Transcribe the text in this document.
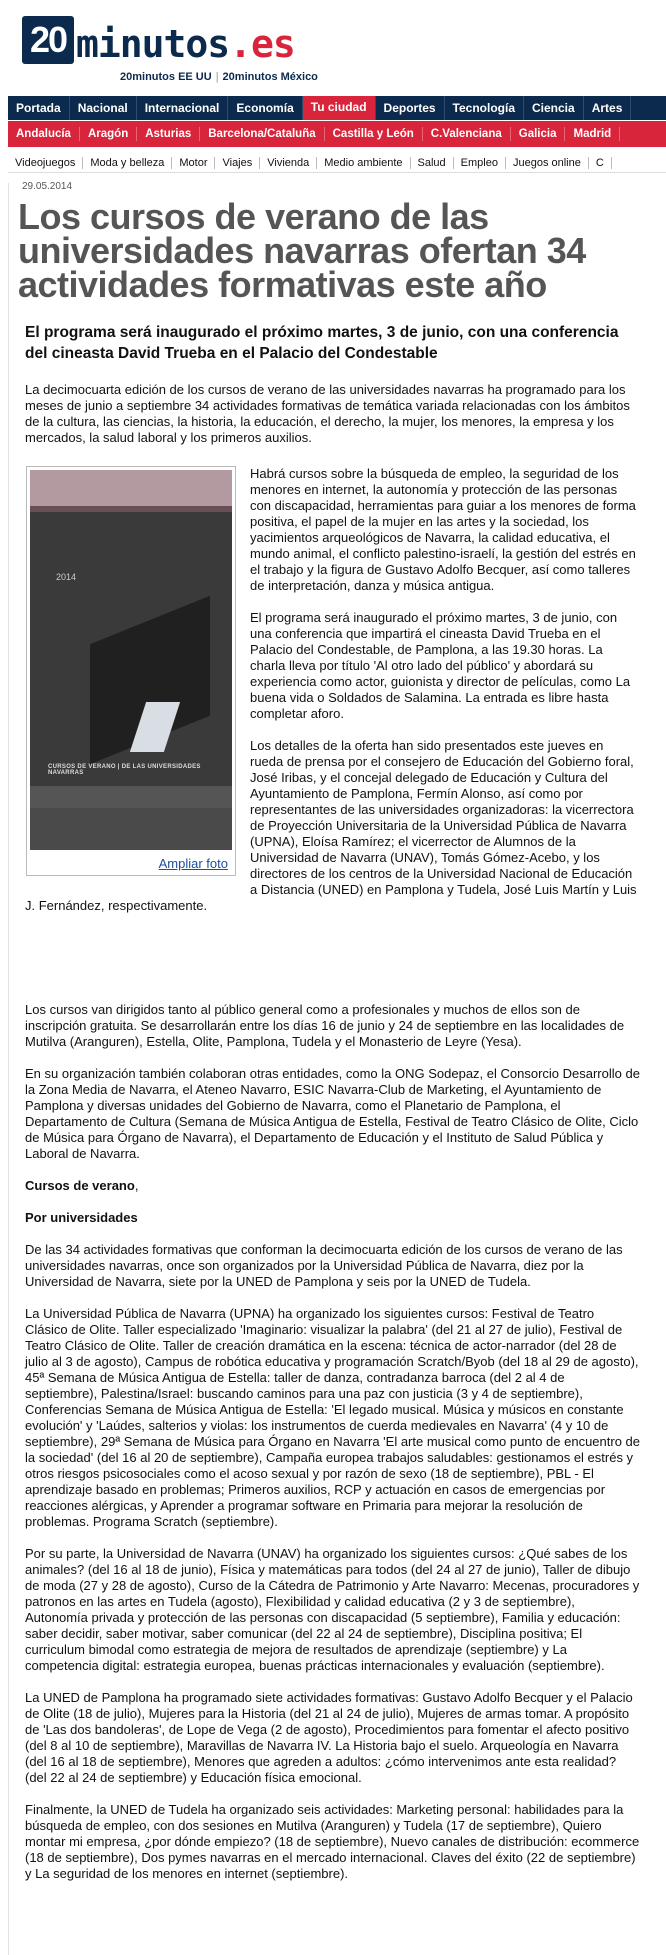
20 minutos .es
20minutos EE UU | 20minutos México
Portada	Nacional	Internacional	Economía	Tu ciudad	Deportes	Tecnología	Ciencia	Artes
Andalucía	Aragón	Asturias	Barcelona/Cataluña	Castilla y León	C.Valenciana	Galicia	Madrid
Videojuegos	Moda y belleza	Motor	Viajes	Vivienda	Medio ambiente	Salud	Empleo	Juegos online	C
29.05.2014
Los cursos de verano de las universidades navarras ofertan 34 actividades formativas este año
El programa será inaugurado el próximo martes, 3 de junio, con una conferencia del cineasta David Trueba en el Palacio del Condestable

La decimocuarta edición de los cursos de verano de las universidades navarras ha programado para los meses de junio a septiembre 34 actividades formativas de temática variada relacionadas con los ámbitos de la cultura, las ciencias, la historia, la educación, el derecho, la mujer, los menores, la empresa y los mercados, la salud laboral y los primeros auxilios.

Habrá cursos sobre la búsqueda de empleo, la seguridad de los menores en internet, la autonomía y protección de las personas con discapacidad, herramientas para guiar a los menores de forma positiva, el papel de la mujer en las artes y la sociedad, los yacimientos arqueológicos de Navarra, la calidad educativa, el mundo animal, el conflicto palestino-israelí, la gestión del estrés en el trabajo y la figura de Gustavo Adolfo Becquer, así como talleres de interpretación, danza y música antigua.

El programa será inaugurado el próximo martes, 3 de junio, con una conferencia que impartirá el cineasta David Trueba en el Palacio del Condestable, de Pamplona, a las 19.30 horas. La charla lleva por título 'Al otro lado del público' y abordará su experiencia como actor, guionista y director de películas, como La buena vida o Soldados de Salamina. La entrada es libre hasta completar aforo.

Los detalles de la oferta han sido presentados este jueves en rueda de prensa por el consejero de Educación del Gobierno foral, José Iribas, y el concejal delegado de Educación y Cultura del Ayuntamiento de Pamplona, Fermín Alonso, así como por representantes de las universidades organizadoras: la vicerrectora de Proyección Universitaria de la Universidad Pública de Navarra (UPNA), Eloísa Ramírez; el vicerrector de Alumnos de la Universidad de Navarra (UNAV), Tomás Gómez-Acebo, y los directores de los centros de la Universidad Nacional de Educación a Distancia (UNED) en Pamplona y Tudela, José Luis Martín y Luis J. Fernández, respectivamente.

2014
CURSOS DE VERANO | DE LAS UNIVERSIDADES NAVARRAS
Ampliar foto

Los cursos van dirigidos tanto al público general como a profesionales y muchos de ellos son de inscripción gratuita. Se desarrollarán entre los días 16 de junio y 24 de septiembre en las localidades de Mutilva (Aranguren), Estella, Olite, Pamplona, Tudela y el Monasterio de Leyre (Yesa).

En su organización también colaboran otras entidades, como la ONG Sodepaz, el Consorcio Desarrollo de la Zona Media de Navarra, el Ateneo Navarro, ESIC Navarra-Club de Marketing, el Ayuntamiento de Pamplona y diversas unidades del Gobierno de Navarra, como el Planetario de Pamplona, el Departamento de Cultura (Semana de Música Antigua de Estella, Festival de Teatro Clásico de Olite, Ciclo de Música para Órgano de Navarra), el Departamento de Educación y el Instituto de Salud Pública y Laboral de Navarra.

Cursos de verano,

Por universidades

De las 34 actividades formativas que conforman la decimocuarta edición de los cursos de verano de las universidades navarras, once son organizados por la Universidad Pública de Navarra, diez por la Universidad de Navarra, siete por la UNED de Pamplona y seis por la UNED de Tudela.

La Universidad Pública de Navarra (UPNA) ha organizado los siguientes cursos: Festival de Teatro Clásico de Olite. Taller especializado 'Imaginario: visualizar la palabra' (del 21 al 27 de julio), Festival de Teatro Clásico de Olite. Taller de creación dramática en la escena: técnica de actor-narrador (del 28 de julio al 3 de agosto), Campus de robótica educativa y programación Scratch/Byob (del 18 al 29 de agosto), 45ª Semana de Música Antigua de Estella: taller de danza, contradanza barroca (del 2 al 4 de septiembre), Palestina/Israel: buscando caminos para una paz con justicia (3 y 4 de septiembre), Conferencias Semana de Música Antigua de Estella: 'El legado musical. Música y músicos en constante evolución' y 'Laúdes, salterios y violas: los instrumentos de cuerda medievales en Navarra' (4 y 10 de septiembre), 29ª Semana de Música para Órgano en Navarra 'El arte musical como punto de encuentro de la sociedad' (del 16 al 20 de septiembre), Campaña europea trabajos saludables: gestionamos el estrés y otros riesgos psicosociales como el acoso sexual y por razón de sexo (18 de septiembre), PBL - El aprendizaje basado en problemas; Primeros auxilios, RCP y actuación en casos de emergencias por reacciones alérgicas, y Aprender a programar software en Primaria para mejorar la resolución de problemas. Programa Scratch (septiembre).

Por su parte, la Universidad de Navarra (UNAV) ha organizado los siguientes cursos: ¿Qué sabes de los animales? (del 16 al 18 de junio), Física y matemáticas para todos (del 24 al 27 de junio), Taller de dibujo de moda (27 y 28 de agosto), Curso de la Cátedra de Patrimonio y Arte Navarro: Mecenas, procuradores y patronos en las artes en Tudela (agosto), Flexibilidad y calidad educativa (2 y 3 de septiembre), Autonomía privada y protección de las personas con discapacidad (5 septiembre), Familia y educación: saber decidir, saber motivar, saber comunicar (del 22 al 24 de septiembre), Disciplina positiva; El curriculum bimodal como estrategia de mejora de resultados de aprendizaje (septiembre) y La competencia digital: estrategia europea, buenas prácticas internacionales y evaluación (septiembre).

La UNED de Pamplona ha programado siete actividades formativas: Gustavo Adolfo Becquer y el Palacio de Olite (18 de julio), Mujeres para la Historia (del 21 al 24 de julio), Mujeres de armas tomar. A propósito de 'Las dos bandoleras', de Lope de Vega (2 de agosto), Procedimientos para fomentar el afecto positivo (del 8 al 10 de septiembre), Maravillas de Navarra IV. La Historia bajo el suelo. Arqueología en Navarra (del 16 al 18 de septiembre), Menores que agreden a adultos: ¿cómo intervenimos ante esta realidad? (del 22 al 24 de septiembre) y Educación física emocional.

Finalmente, la UNED de Tudela ha organizado seis actividades: Marketing personal: habilidades para la búsqueda de empleo, con dos sesiones en Mutilva (Aranguren) y Tudela (17 de septiembre), Quiero montar mi empresa, ¿por dónde empiezo? (18 de septiembre), Nuevo canales de distribución: ecommerce (18 de septiembre), Dos pymes navarras en el mercado internacional. Claves del éxito (22 de septiembre) y La seguridad de los menores en internet (septiembre).
